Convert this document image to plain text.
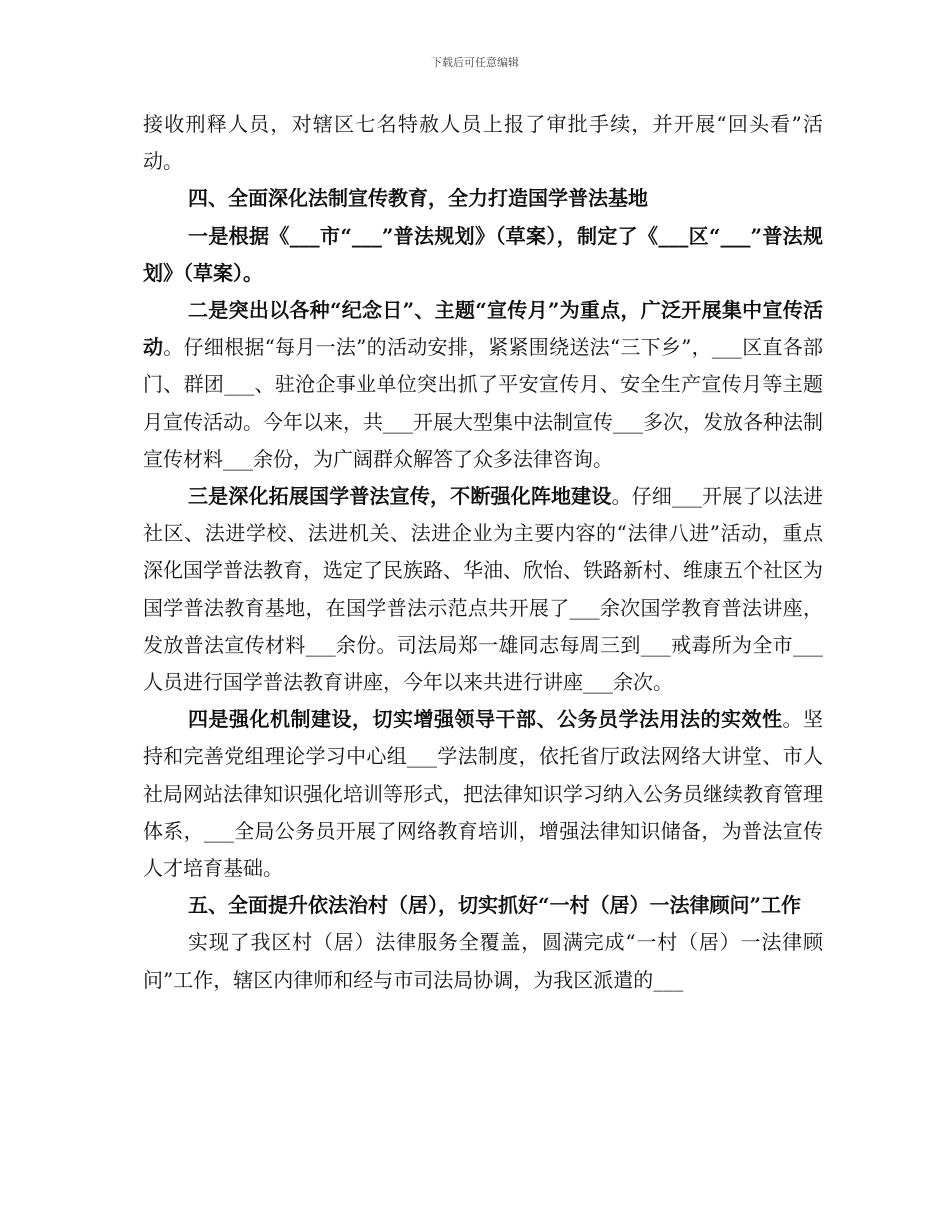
下载后可任意编辑

接收刑释人员，对辖区七名特赦人员上报了审批手续，并开展“回头看”活动。

四、全面深化法制宣传教育，全力打造国学普法基地

一是根据《___市“___”普法规划》（草案），制定了《___区“___”普法规划》（草案）。

二是突出以各种“纪念日”、主题“宣传月”为重点，广泛开展集中宣传活动。仔细根据“每月一法”的活动安排，紧紧围绕送法“三下乡”，___区直各部门、群团___、驻沧企事业单位突出抓了平安宣传月、安全生产宣传月等主题月宣传活动。今年以来，共___开展大型集中法制宣传___多次，发放各种法制宣传材料___余份，为广阔群众解答了众多法律咨询。

三是深化拓展国学普法宣传，不断强化阵地建设。仔细___开展了以法进社区、法进学校、法进机关、法进企业为主要内容的“法律八进”活动，重点深化国学普法教育，选定了民族路、华油、欣怡、铁路新村、维康五个社区为国学普法教育基地，在国学普法示范点共开展了___余次国学教育普法讲座，发放普法宣传材料___余份。司法局郑一雄同志每周三到___戒毒所为全市___人员进行国学普法教育讲座，今年以来共进行讲座___余次。

四是强化机制建设，切实增强领导干部、公务员学法用法的实效性。坚持和完善党组理论学习中心组___学法制度，依托省厅政法网络大讲堂、市人社局网站法律知识强化培训等形式，把法律知识学习纳入公务员继续教育管理体系，___全局公务员开展了网络教育培训，增强法律知识储备，为普法宣传人才培育基础。

五、全面提升依法治村（居），切实抓好“一村（居）一法律顾问”工作

实现了我区村（居）法律服务全覆盖，圆满完成“一村（居）一法律顾问”工作，辖区内律师和经与市司法局协调，为我区派遣的___
